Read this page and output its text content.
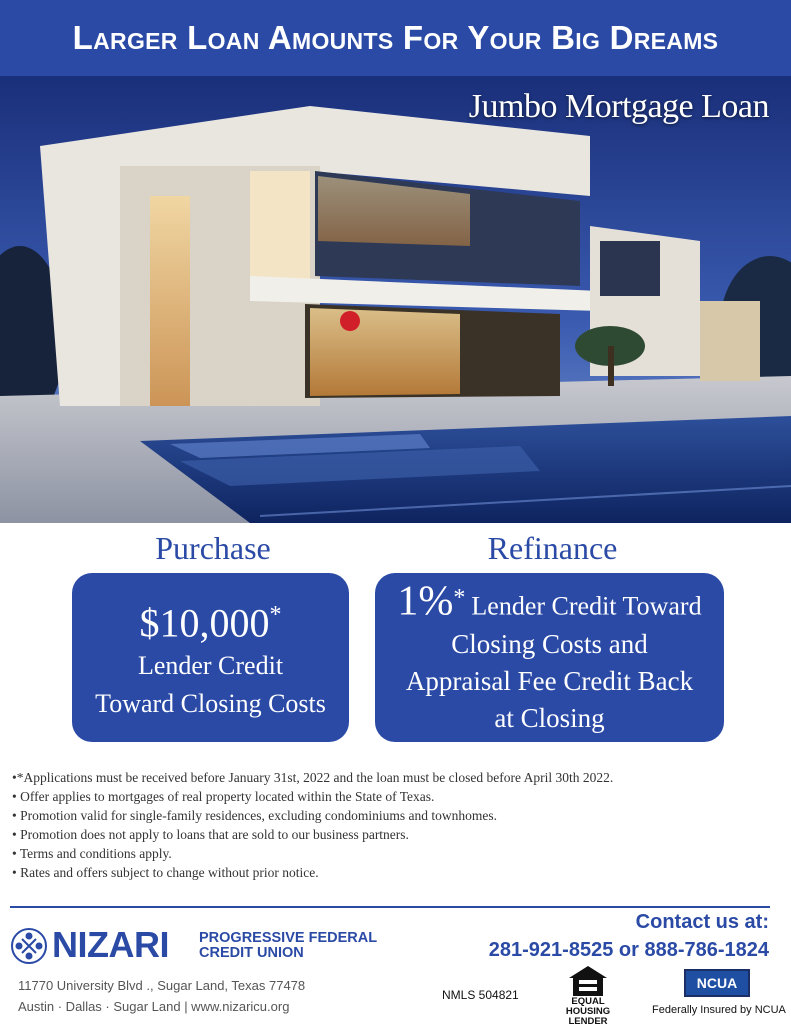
Larger Loan Amounts For Your Big Dreams
Jumbo Mortgage Loan
Purchase
$10,000*
Lender Credit
Toward Closing Costs
Refinance
1%* Lender Credit Toward
Closing Costs and
Appraisal Fee Credit Back
at Closing
•*Applications must be received before January 31st, 2022 and the loan must be closed before April 30th 2022.
• Offer applies to mortgages of real property located within the State of Texas.
• Promotion valid for single-family residences, excluding condominiums and townhomes.
• Promotion does not apply to loans that are sold to our business partners.
• Terms and conditions apply.
• Rates and offers subject to change without prior notice.
NIZARI PROGRESSIVE FEDERAL
CREDIT UNION
11770 University Blvd ., Sugar Land, Texas 77478
Austin · Dallas · Sugar Land | www.nizaricu.org
Contact us at:
281-921-8525 or 888-786-1824
NMLS 504821	EQUAL HOUSING
LENDER
NCUA
Federally Insured by NCUA
